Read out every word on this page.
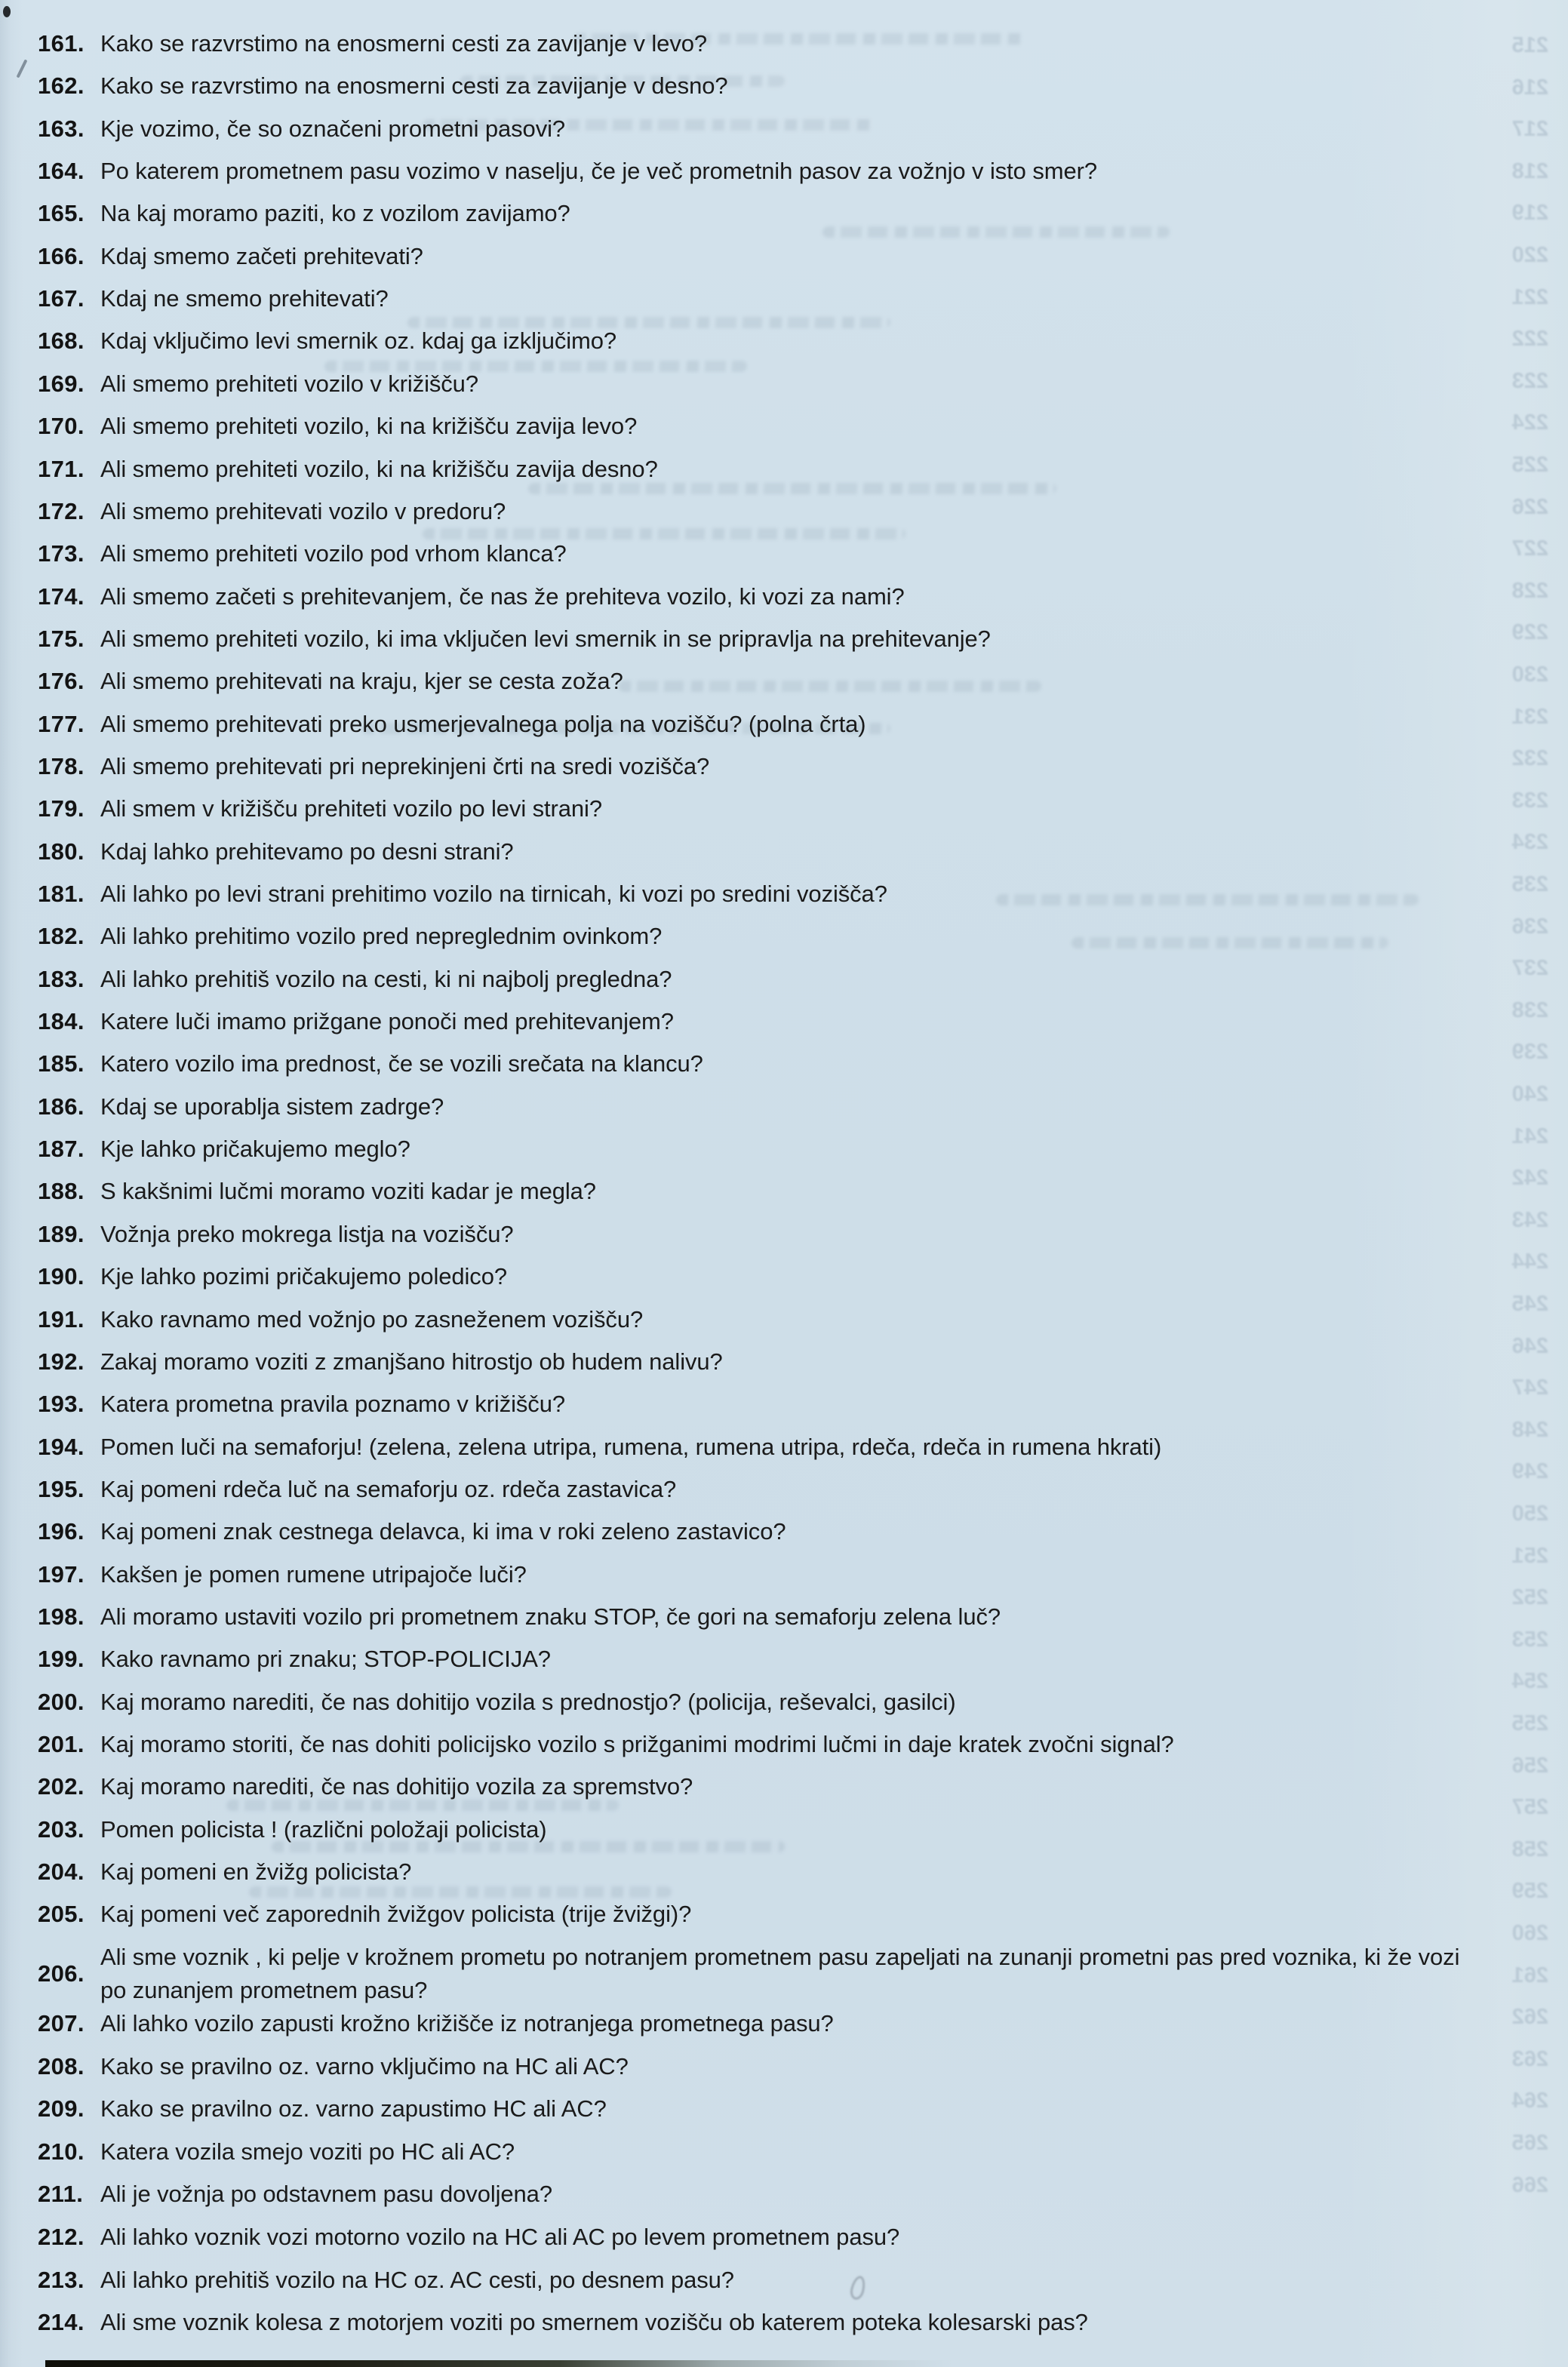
215
216
217
218
219
220
221
222
223
224
225
226
227
228
229
230
231
232
233
234
235
236
237
238
239
240
241
242
243
244
245
246
247
248
249
250
251
252
253
254
255
256
257
258
259
260
261
262
263
264
265
266
161. Kako se razvrstimo na enosmerni cesti za zavijanje v levo?
162. Kako se razvrstimo na enosmerni cesti za zavijanje v desno?
163. Kje vozimo, če so označeni prometni pasovi?
164. Po katerem prometnem pasu vozimo v naselju, če je več prometnih pasov za vožnjo v isto smer?
165. Na kaj moramo paziti, ko z vozilom zavijamo?
166. Kdaj smemo začeti prehitevati?
167. Kdaj ne smemo prehitevati?
168. Kdaj vključimo levi smernik oz. kdaj ga izključimo?
169. Ali smemo prehiteti vozilo v križišču?
170. Ali smemo prehiteti vozilo, ki na križišču zavija levo?
171. Ali smemo prehiteti vozilo, ki na križišču zavija desno?
172. Ali smemo prehitevati vozilo v predoru?
173. Ali smemo prehiteti vozilo pod vrhom klanca?
174. Ali smemo začeti s prehitevanjem, če nas že prehiteva vozilo, ki vozi za nami?
175. Ali smemo prehiteti vozilo, ki ima vključen levi smernik in se pripravlja na prehitevanje?
176. Ali smemo prehitevati na kraju, kjer se cesta zoža?
177. Ali smemo prehitevati preko usmerjevalnega polja na vozišču? (polna črta)
178. Ali smemo prehitevati pri neprekinjeni črti na sredi vozišča?
179. Ali smem v križišču prehiteti vozilo po levi strani?
180. Kdaj lahko prehitevamo po desni strani?
181. Ali lahko po levi strani prehitimo vozilo na tirnicah, ki vozi po sredini vozišča?
182. Ali lahko prehitimo vozilo pred nepreglednim ovinkom?
183. Ali lahko prehitiš vozilo na cesti, ki ni najbolj pregledna?
184. Katere luči imamo prižgane ponoči med prehitevanjem?
185. Katero vozilo ima prednost, če se vozili srečata na klancu?
186. Kdaj se uporablja sistem zadrge?
187. Kje lahko pričakujemo meglo?
188. S kakšnimi lučmi moramo voziti kadar je megla?
189. Vožnja preko mokrega listja na vozišču?
190. Kje lahko pozimi pričakujemo poledico?
191. Kako ravnamo med vožnjo po zasneženem vozišču?
192. Zakaj moramo voziti z zmanjšano hitrostjo ob hudem nalivu?
193. Katera prometna pravila poznamo v križišču?
194. Pomen luči na semaforju! (zelena, zelena utripa, rumena, rumena utripa, rdeča, rdeča in rumena hkrati)
195. Kaj pomeni rdeča luč na semaforju oz. rdeča zastavica?
196. Kaj pomeni znak cestnega delavca, ki ima v roki zeleno zastavico?
197. Kakšen je pomen rumene utripajoče luči?
198. Ali moramo ustaviti vozilo pri prometnem znaku STOP, če gori na semaforju zelena luč?
199. Kako ravnamo pri znaku; STOP-POLICIJA?
200. Kaj moramo narediti, če nas dohitijo vozila s prednostjo? (policija, reševalci, gasilci)
201. Kaj moramo storiti, če nas dohiti policijsko vozilo s prižganimi modrimi lučmi in daje kratek zvočni signal?
202. Kaj moramo narediti, če nas dohitijo vozila za spremstvo?
203. Pomen policista ! (različni položaji policista)
204. Kaj pomeni en žvižg policista?
205. Kaj pomeni več zaporednih žvižgov policista (trije žvižgi)?
206.
Ali sme voznik , ki pelje v krožnem prometu po notranjem prometnem pasu zapeljati na zunanji prometni pas pred voznika, ki že vozi po zunanjem prometnem pasu?
207. Ali lahko vozilo zapusti krožno križišče iz notranjega prometnega pasu?
208. Kako se pravilno oz. varno vključimo na HC ali AC?
209. Kako se pravilno oz. varno zapustimo HC ali AC?
210. Katera vozila smejo voziti po HC ali AC?
211. Ali je vožnja po odstavnem pasu dovoljena?
212. Ali lahko voznik vozi motorno vozilo na HC ali AC po levem prometnem pasu?
213. Ali lahko prehitiš vozilo na HC oz. AC cesti, po desnem pasu?
214. Ali sme voznik kolesa z motorjem voziti po smernem vozišču ob katerem poteka kolesarski pas?
